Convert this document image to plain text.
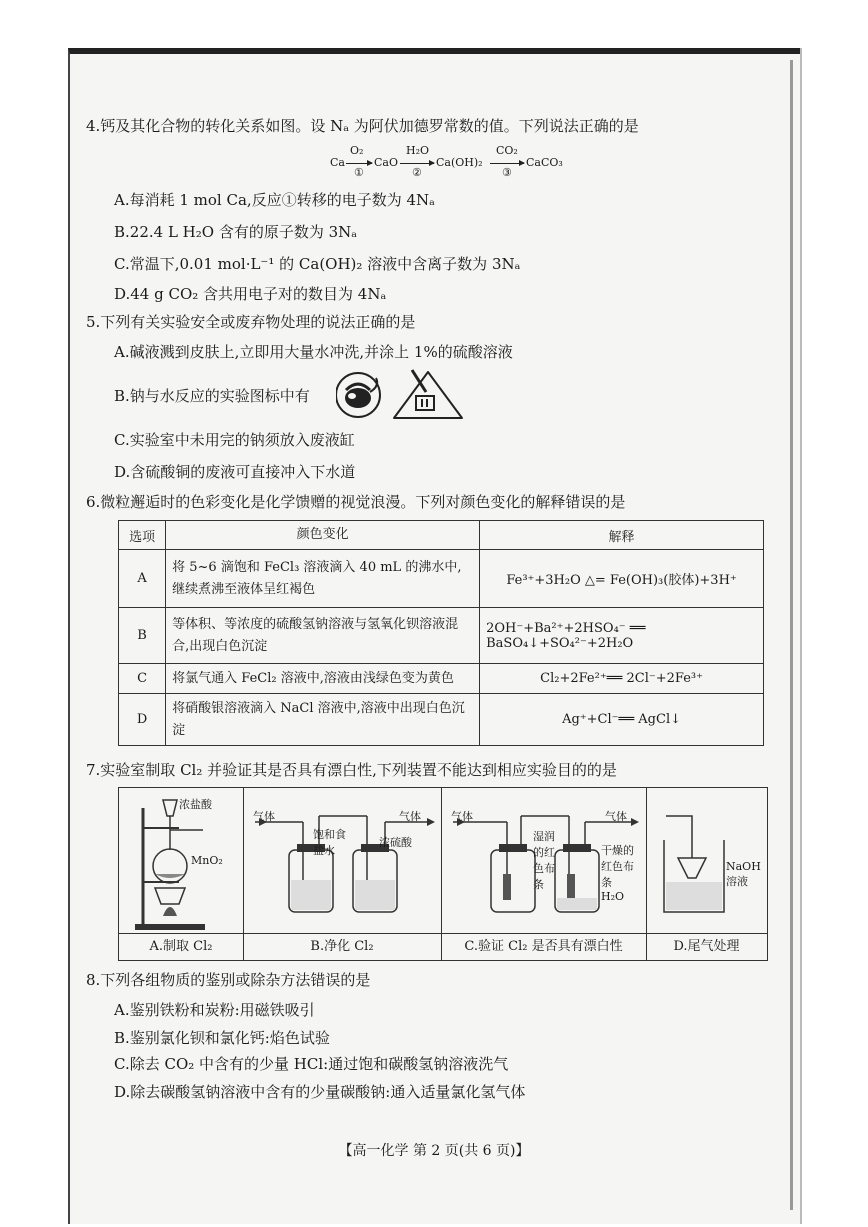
4.钙及其化合物的转化关系如图。设 Nₐ 为阿伏加德罗常数的值。下列说法正确的是
Ca
O₂
①
CaO
H₂O
②
Ca(OH)₂
CO₂
③
CaCO₃
A.每消耗 1 mol Ca,反应①转移的电子数为 4Nₐ
B.22.4 L H₂O 含有的原子数为 3Nₐ
C.常温下,0.01 mol·L⁻¹ 的 Ca(OH)₂ 溶液中含离子数为 3Nₐ
D.44 g CO₂ 含共用电子对的数目为 4Nₐ
5.下列有关实验安全或废弃物处理的说法正确的是
A.碱液溅到皮肤上,立即用大量水冲洗,并涂上 1%的硫酸溶液
B.钠与水反应的实验图标中有
C.实验室中未用完的钠须放入废液缸
D.含硫酸铜的废液可直接冲入下水道
6.微粒邂逅时的色彩变化是化学馈赠的视觉浪漫。下列对颜色变化的解释错误的是
选项	颜色变化	解释
A	将 5~6 滴饱和 FeCl₃ 溶液滴入 40 mL 的沸水中,继续煮沸至液体呈红褐色	Fe³⁺+3H₂O △= Fe(OH)₃(胶体)+3H⁺
B	等体积、等浓度的硫酸氢钠溶液与氢氧化钡溶液混合,出现白色沉淀	2OH⁻+Ba²⁺+2HSO₄⁻ ══ BaSO₄↓+SO₄²⁻+2H₂O
C	将氯气通入 FeCl₂ 溶液中,溶液由浅绿色变为黄色	Cl₂+2Fe²⁺══ 2Cl⁻+2Fe³⁺
D	将硝酸银溶液滴入 NaCl 溶液中,溶液中出现白色沉淀	Ag⁺+Cl⁻══ AgCl↓
7.实验室制取 Cl₂ 并验证其是否具有漂白性,下列装置不能达到相应实验目的的是
浓盐酸
MnO₂
A.制取 Cl₂
气体	气体
饱和食盐水
浓硫酸
B.净化 Cl₂
气体	气体
湿润的红色布条
干燥的红色布条
H₂O
C.验证 Cl₂ 是否具有漂白性
NaOH溶液
D.尾气处理
8.下列各组物质的鉴别或除杂方法错误的是
A.鉴别铁粉和炭粉:用磁铁吸引
B.鉴别氯化钡和氯化钙:焰色试验
C.除去 CO₂ 中含有的少量 HCl:通过饱和碳酸氢钠溶液洗气
D.除去碳酸氢钠溶液中含有的少量碳酸钠:通入适量氯化氢气体
【高一化学 第 2 页(共 6 页)】
